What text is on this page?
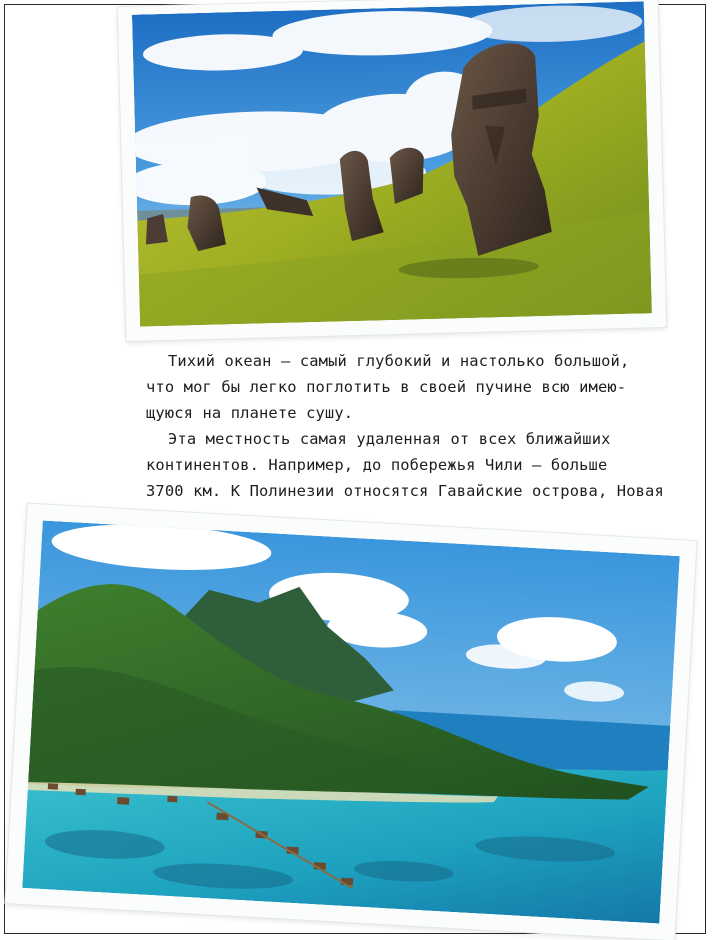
Тихий океан – самый глубокий и настолько большой,

что мог бы легко поглотить в своей пучине всю имею-

щуюся на планете сушу.

Эта местность самая удаленная от всех ближайших

континентов. Например, до побережья Чили – больше

3700 км. К Полинезии относятся Гавайские острова, Новая
